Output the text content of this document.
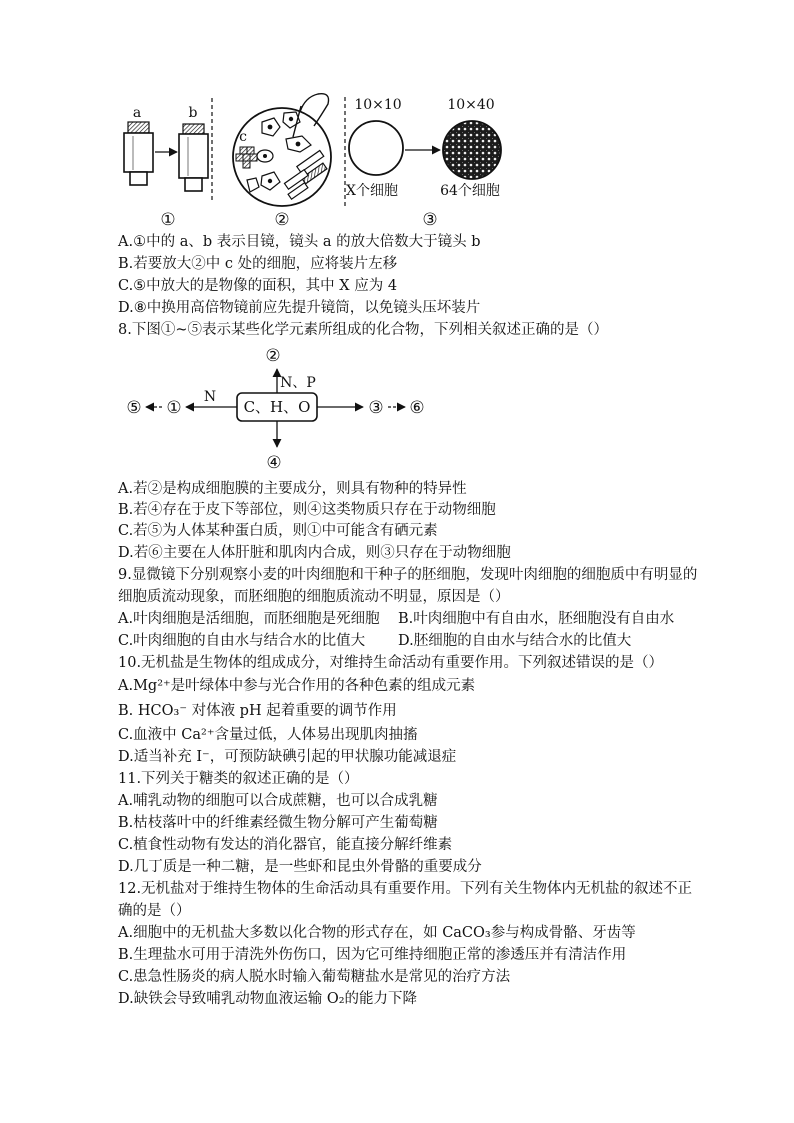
a	b
①
c
②
10×10	10×40
X个细胞	64个细胞
③
A.①中的 a、b 表示目镜，镜头 a 的放大倍数大于镜头 b
B.若要放大②中 c 处的细胞，应将装片左移
C.⑤中放大的是物像的面积，其中 X 应为 4
D.⑧中换用高倍物镜前应先提升镜筒，以免镜头压坏装片
8.下图①~⑤表示某些化学元素所组成的化合物，下列相关叙述正确的是（）
C、H、O
②
N、P
N
①
⑤	③ ⑥
④
A.若②是构成细胞膜的主要成分，则具有物种的特异性
B.若④存在于皮下等部位，则④这类物质只存在于动物细胞
C.若⑤为人体某种蛋白质，则①中可能含有硒元素
D.若⑥主要在人体肝脏和肌肉内合成，则③只存在于动物细胞
9.显微镜下分别观察小麦的叶肉细胞和干种子的胚细胞，发现叶肉细胞的细胞质中有明显的
细胞质流动现象，而胚细胞的细胞质流动不明显，原因是（）
A.叶肉细胞是活细胞，而胚细胞是死细胞 B.叶肉细胞中有自由水，胚细胞没有自由水
C.叶肉细胞的自由水与结合水的比值大 D.胚细胞的自由水与结合水的比值大
10.无机盐是生物体的组成成分，对维持生命活动有重要作用。下列叙述错误的是（）
A.Mg²⁺是叶绿体中参与光合作用的各种色素的组成元素
B. HCO₃⁻ 对体液 pH 起着重要的调节作用
C.血液中 Ca²⁺含量过低，人体易出现肌肉抽搐
D.适当补充 I⁻，可预防缺碘引起的甲状腺功能减退症
11.下列关于糖类的叙述正确的是（）
A.哺乳动物的细胞可以合成蔗糖，也可以合成乳糖
B.枯枝落叶中的纤维素经微生物分解可产生葡萄糖
C.植食性动物有发达的消化器官，能直接分解纤维素
D.几丁质是一种二糖，是一些虾和昆虫外骨骼的重要成分
12.无机盐对于维持生物体的生命活动具有重要作用。下列有关生物体内无机盐的叙述不正
确的是（）
A.细胞中的无机盐大多数以化合物的形式存在，如 CaCO₃参与构成骨骼、牙齿等
B.生理盐水可用于清洗外伤伤口，因为它可维持细胞正常的渗透压并有清洁作用
C.患急性肠炎的病人脱水时输入葡萄糖盐水是常见的治疗方法
D.缺铁会导致哺乳动物血液运输 O₂的能力下降
